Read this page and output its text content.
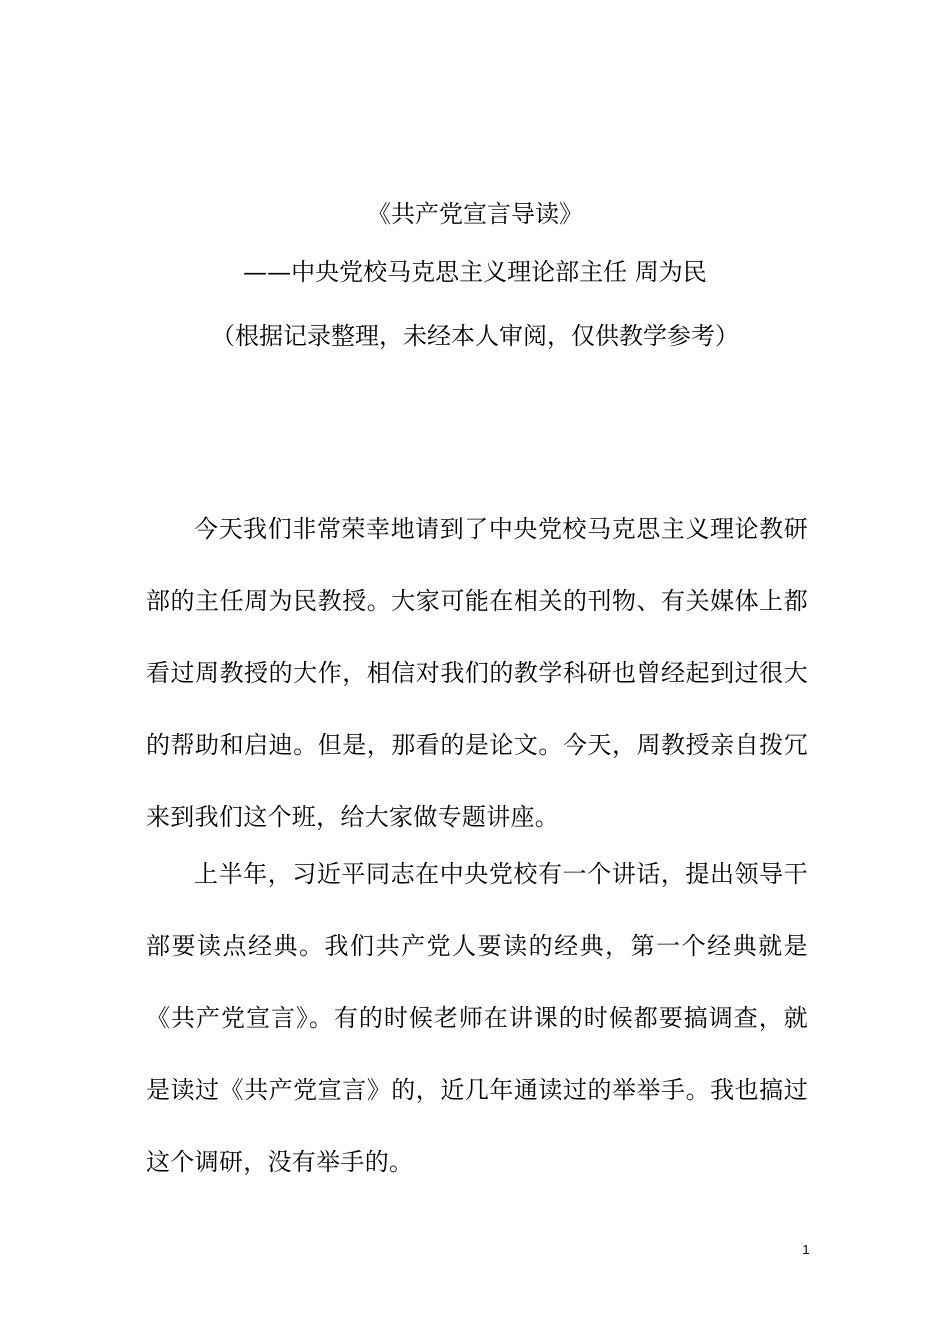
《共产党宣言导读》
——中央党校马克思主义理论部主任 周为民
（根据记录整理，未经本人审阅，仅供教学参考）

今天我们非常荣幸地请到了中央党校马克思主义理论教研部的主任周为民教授。大家可能在相关的刊物、有关媒体上都看过周教授的大作，相信对我们的教学科研也曾经起到过很大的帮助和启迪。但是，那看的是论文。今天，周教授亲自拨冗来到我们这个班，给大家做专题讲座。

上半年，习近平同志在中央党校有一个讲话，提出领导干部要读点经典。我们共产党人要读的经典，第一个经典就是《共产党宣言》。有的时候老师在讲课的时候都要搞调查，就是读过《共产党宣言》的，近几年通读过的举举手。我也搞过这个调研，没有举手的。

1
